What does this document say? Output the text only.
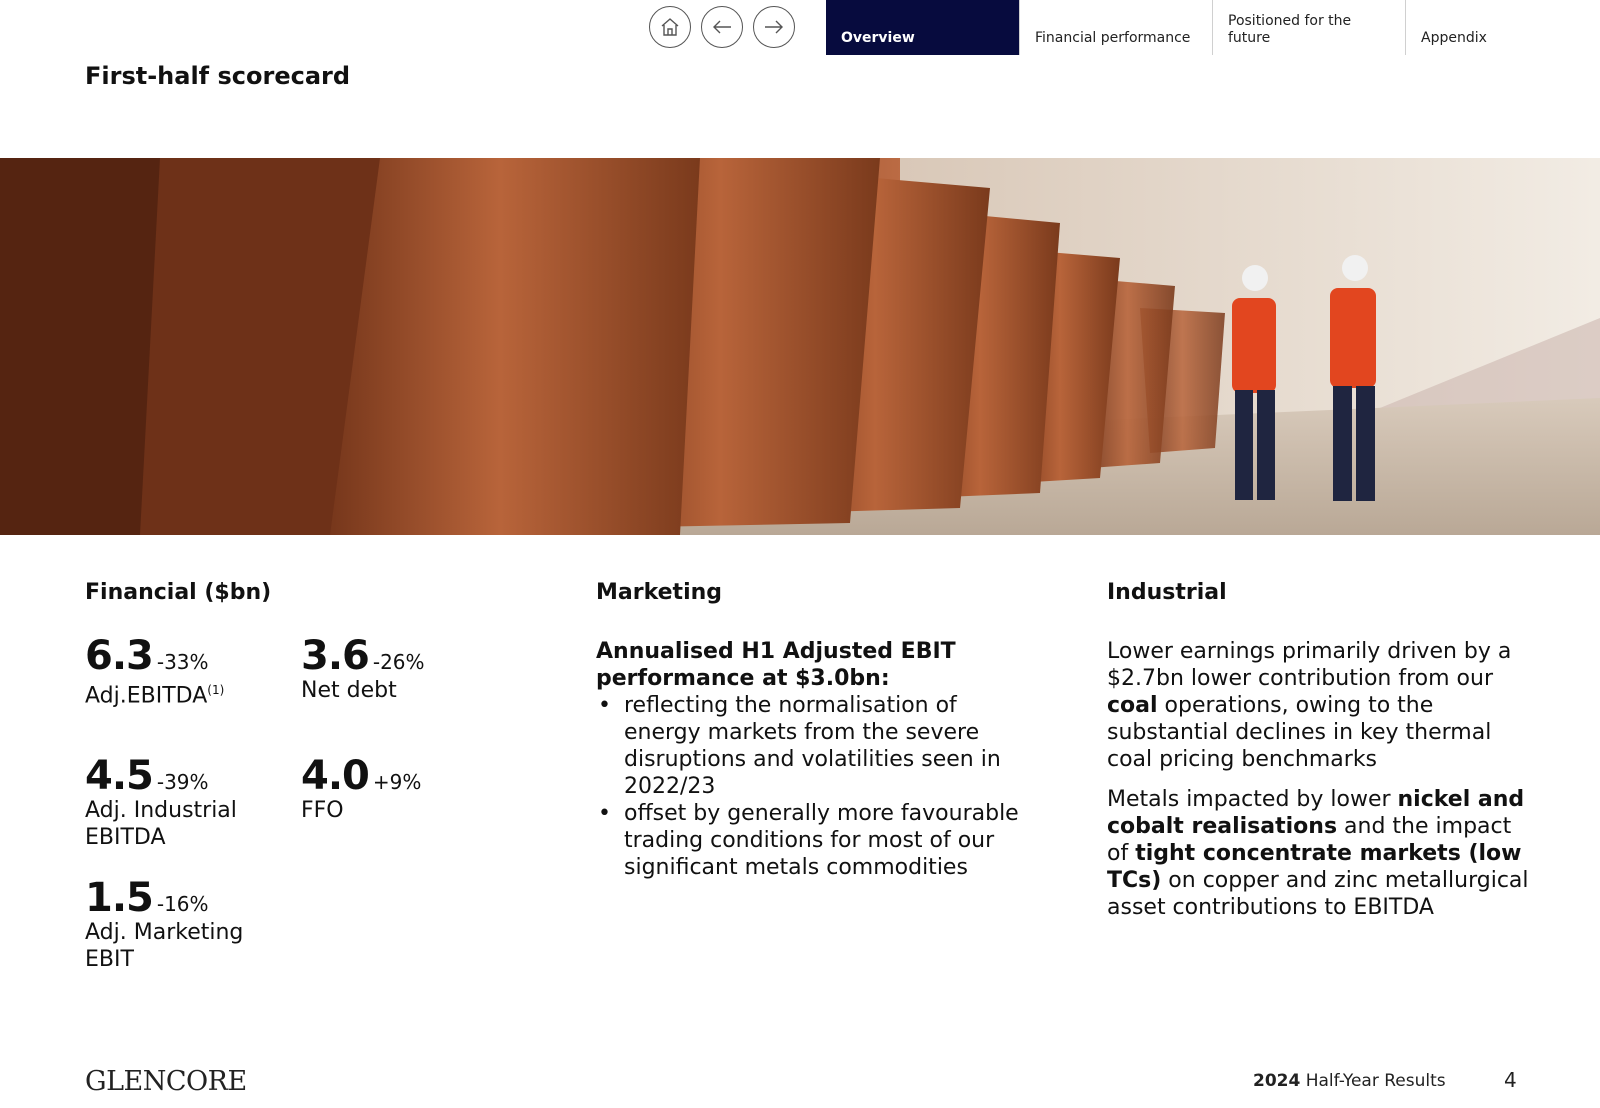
Overview	Financial performance
Positioned for the future	Appendix
First-half scorecard
Financial ($bn)
6.3 -33%
Adj.EBITDA$^{(1)}$
3.6 -26%
Net debt
4.5 -39%
Adj. Industrial EBITDA
4.0 +9%
FFO
1.5 -16%
Adj. Marketing EBIT
Marketing
Annualised H1 Adjusted EBIT performance at $3.0bn:
• reflecting the normalisation of energy markets from the severe disruptions and volatilities seen in 2022/23
• offset by generally more favourable trading conditions for most of our significant metals commodities
Industrial

Lower earnings primarily driven by a $2.7bn lower contribution from our coal operations, owing to the substantial declines in key thermal coal pricing benchmarks

Metals impacted by lower nickel and cobalt realisations and the impact of tight concentrate markets (low TCs) on copper and zinc metallurgical asset contributions to EBITDA

GLENCORE	2024 Half-Year Results	4
